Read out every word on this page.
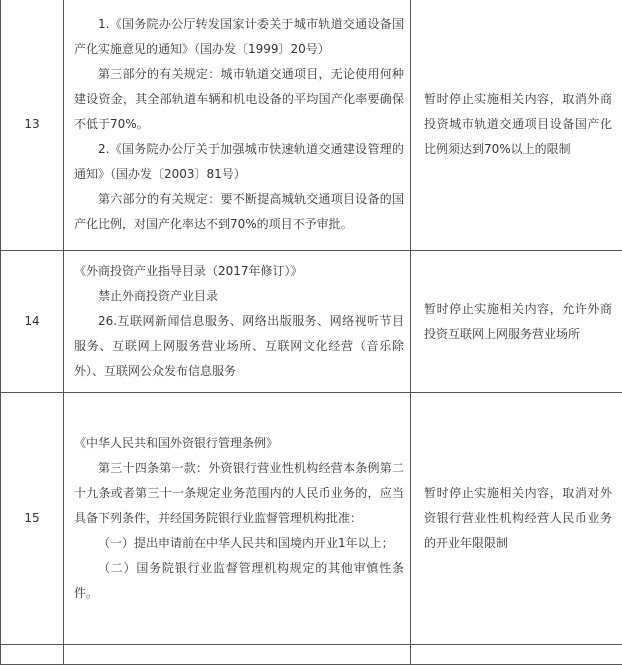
13	1.《国务院办公厅转发国家计委关于城市轨道交通设备国产化实施意见的通知》（国办发〔1999〕20号）

第三部分的有关规定：城市轨道交通项目，无论使用何种建设资金，其全部轨道车辆和机电设备的平均国产化率要确保不低于70%。

2.《国务院办公厅关于加强城市快速轨道交通建设管理的通知》（国办发〔2003〕81号）

第六部分的有关规定：要不断提高城轨交通项目设备的国产化比例，对国产化率达不到70%的项目不予审批。	暂时停止实施相关内容，取消外商投资城市轨道交通项目设备国产化比例须达到70%以上的限制

14	《外商投资产业指导目录（2017年修订）》

禁止外商投资产业目录

26.互联网新闻信息服务、网络出版服务、网络视听节目服务、互联网上网服务营业场所、互联网文化经营（音乐除外）、互联网公众发布信息服务	暂时停止实施相关内容，允许外商投资互联网上网服务营业场所

15	《中华人民共和国外资银行管理条例》

第三十四条第一款：外资银行营业性机构经营本条例第二十九条或者第三十一条规定业务范围内的人民币业务的，应当具备下列条件，并经国务院银行业监督管理机构批准：

（一）提出申请前在中华人民共和国境内开业1年以上；

（二）国务院银行业监督管理机构规定的其他审慎性条件。	暂时停止实施相关内容，取消对外资银行营业性机构经营人民币业务的开业年限限制
